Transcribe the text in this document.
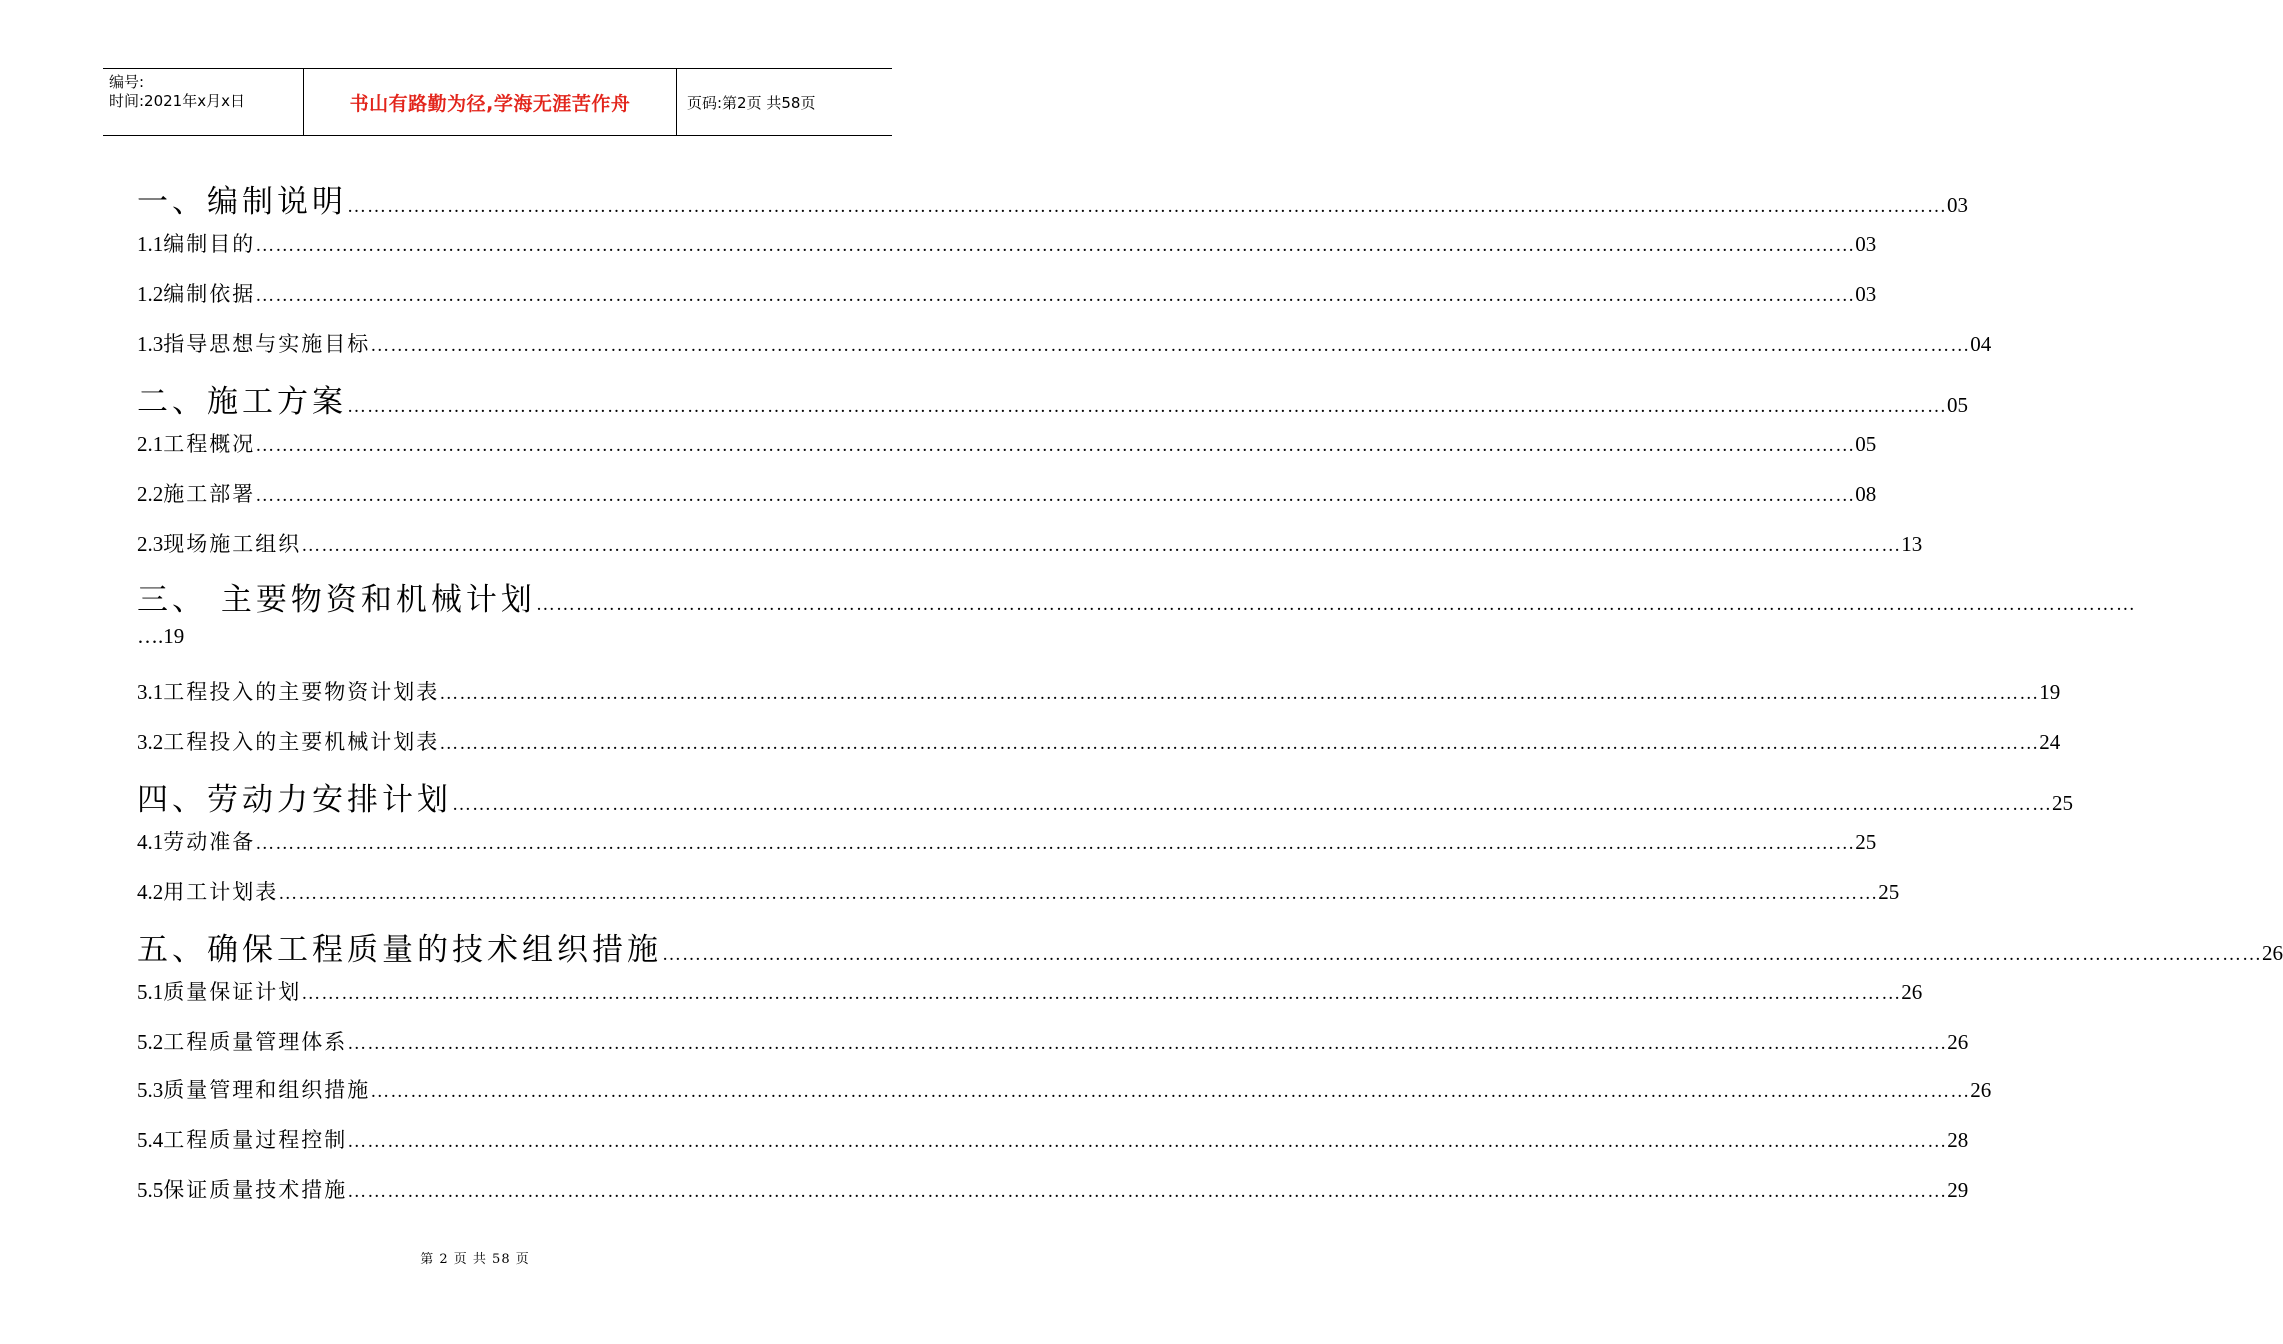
编号:
时间:2021年x月x日	书山有路勤为径,学海无涯苦作舟	页码:第2页 共58页
一、编制说明 …………………………………………………………………………………………………………………………………………………………………………………………………………………… 03
1.1编制目的 …………………………………………………………………………………………………………………………………………………………………………………………………………………… 03
1.2编制依据 …………………………………………………………………………………………………………………………………………………………………………………………………………………… 03
1.3指导思想与实施目标 …………………………………………………………………………………………………………………………………………………………………………………………………………………… 04
二、施工方案 …………………………………………………………………………………………………………………………………………………………………………………………………………………… 05
2.1工程概况 …………………………………………………………………………………………………………………………………………………………………………………………………………………… 05
2.2施工部署 …………………………………………………………………………………………………………………………………………………………………………………………………………………… 08
2.3现场施工组织 …………………………………………………………………………………………………………………………………………………………………………………………………………………… 13
三、 主要物资和机械计划 ……………………………………………………………………………………………………………………………………………………………………………………………………………………
….19
3.1工程投入的主要物资计划表 …………………………………………………………………………………………………………………………………………………………………………………………………………………… 19
3.2工程投入的主要机械计划表 …………………………………………………………………………………………………………………………………………………………………………………………………………………… 24
四、劳动力安排计划 …………………………………………………………………………………………………………………………………………………………………………………………………………………… 25
4.1劳动准备 …………………………………………………………………………………………………………………………………………………………………………………………………………………… 25
4.2用工计划表 …………………………………………………………………………………………………………………………………………………………………………………………………………………… 25
五、确保工程质量的技术组织措施 …………………………………………………………………………………………………………………………………………………………………………………………………………………… 26
5.1质量保证计划 …………………………………………………………………………………………………………………………………………………………………………………………………………………… 26
5.2工程质量管理体系 …………………………………………………………………………………………………………………………………………………………………………………………………………………… 26
5.3质量管理和组织措施 …………………………………………………………………………………………………………………………………………………………………………………………………………………… 26
5.4工程质量过程控制 …………………………………………………………………………………………………………………………………………………………………………………………………………………… 28
5.5保证质量技术措施 …………………………………………………………………………………………………………………………………………………………………………………………………………………… 29
第 2 页 共 58 页
